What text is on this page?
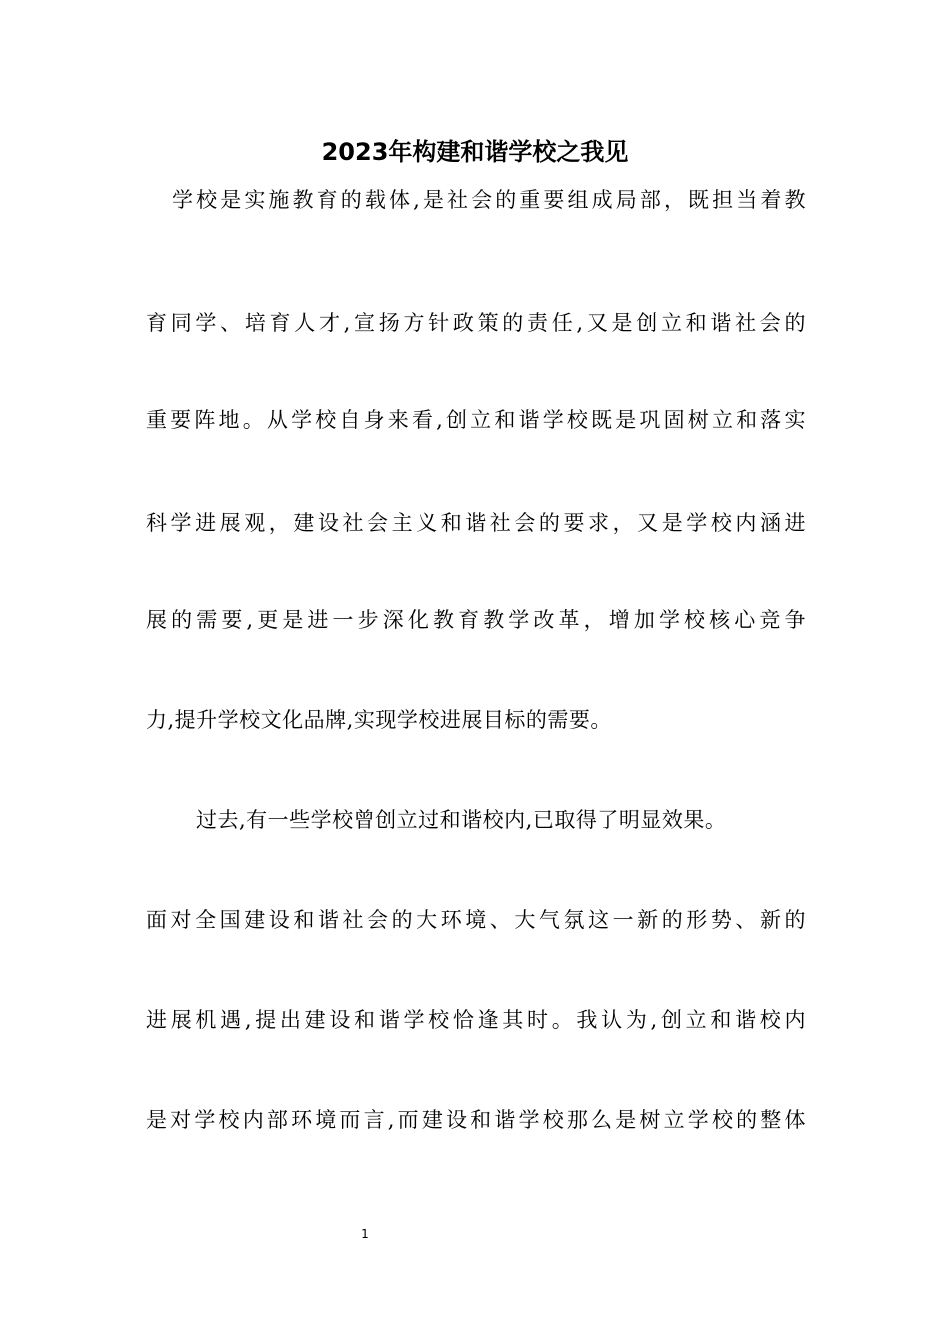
2023年构建和谐学校之我见
学校是实施教育的载体,是社会的重要组成局部，既担当着教
育同学、培育人才,宣扬方针政策的责任,又是创立和谐社会的
重要阵地。从学校自身来看,创立和谐学校既是巩固树立和落实
科学进展观，建设社会主义和谐社会的要求，又是学校内涵进
展的需要,更是进一步深化教育教学改革，增加学校核心竞争
力,提升学校文化品牌,实现学校进展目标的需要。
过去,有一些学校曾创立过和谐校内,已取得了明显效果。
面对全国建设和谐社会的大环境、大气氛这一新的形势、新的
进展机遇,提出建设和谐学校恰逢其时。我认为,创立和谐校内
是对学校内部环境而言,而建设和谐学校那么是树立学校的整体
1
